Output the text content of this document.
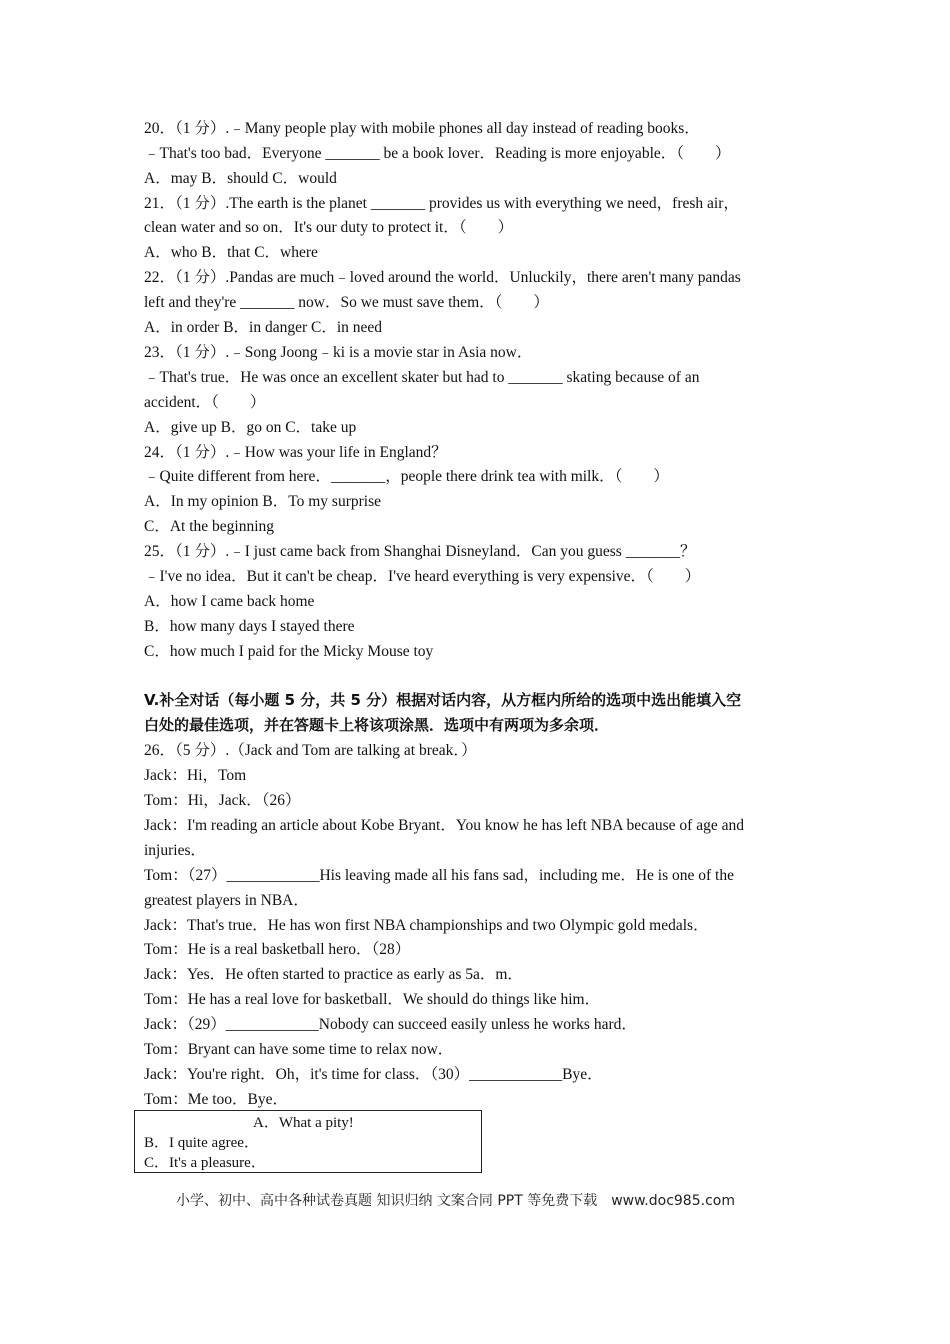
20．（1 分）.﹣Many people play with mobile phones all day instead of reading books．
﹣That's too bad．Everyone _______ be a book lover．Reading is more enjoyable．（　　）
A．may B．should C．would
21．（1 分）.The earth is the planet _______ provides us with everything we need，fresh air，
clean water and so on．It's our duty to protect it．（　　）
A．who B．that C．where
22．（1 分）.Pandas are much﹣loved around the world．Unluckily，there aren't many pandas
left and they're _______ now．So we must save them．（　　）
A．in order B．in danger C．in need
23．（1 分）.﹣Song Joong﹣ki is a movie star in Asia now．
﹣That's true．He was once an excellent skater but had to _______ skating because of an
accident．（　　）
A．give up B．go on C．take up
24．（1 分）.﹣How was your life in England？
﹣Quite different from here．_______，people there drink tea with milk．（　　）
A．In my opinion B．To my surprise
C．At the beginning
25．（1 分）.﹣I just came back from Shanghai Disneyland．Can you guess _______？
﹣I've no idea．But it can't be cheap．I've heard everything is very expensive．（　　）
A．how I came back home
B．how many days I stayed there
C．how much I paid for the Micky Mouse toy
V.补全对话（每小题 5 分，共 5 分）根据对话内容，从方框内所给的选项中选出能填入空
白处的最佳选项，并在答题卡上将该项涂黑．选项中有两项为多余项．
26．（5 分）.（Jack and Tom are talking at break．）
Jack：Hi，Tom
Tom：Hi，Jack．（26）
Jack：I'm reading an article about Kobe Bryant．You know he has left NBA because of age and
injuries．
Tom：（27）____________His leaving made all his fans sad，including me．He is one of the
greatest players in NBA．
Jack：That's true．He has won first NBA championships and two Olympic gold medals．
Tom：He is a real basketball hero．（28）
Jack：Yes．He often started to practice as early as 5a．m．
Tom：He has a real love for basketball．We should do things like him．
Jack：（29）____________Nobody can succeed easily unless he works hard．
Tom：Bryant can have some time to relax now．
Jack：You're right．Oh，it's time for class．（30）____________Bye．
Tom：Me too．Bye．
A．What a pity!
B．I quite agree．
C．It's a pleasure．
小学、初中、高中各种试卷真题 知识归纳 文案合同 PPT 等免费下载　www.doc985.com
